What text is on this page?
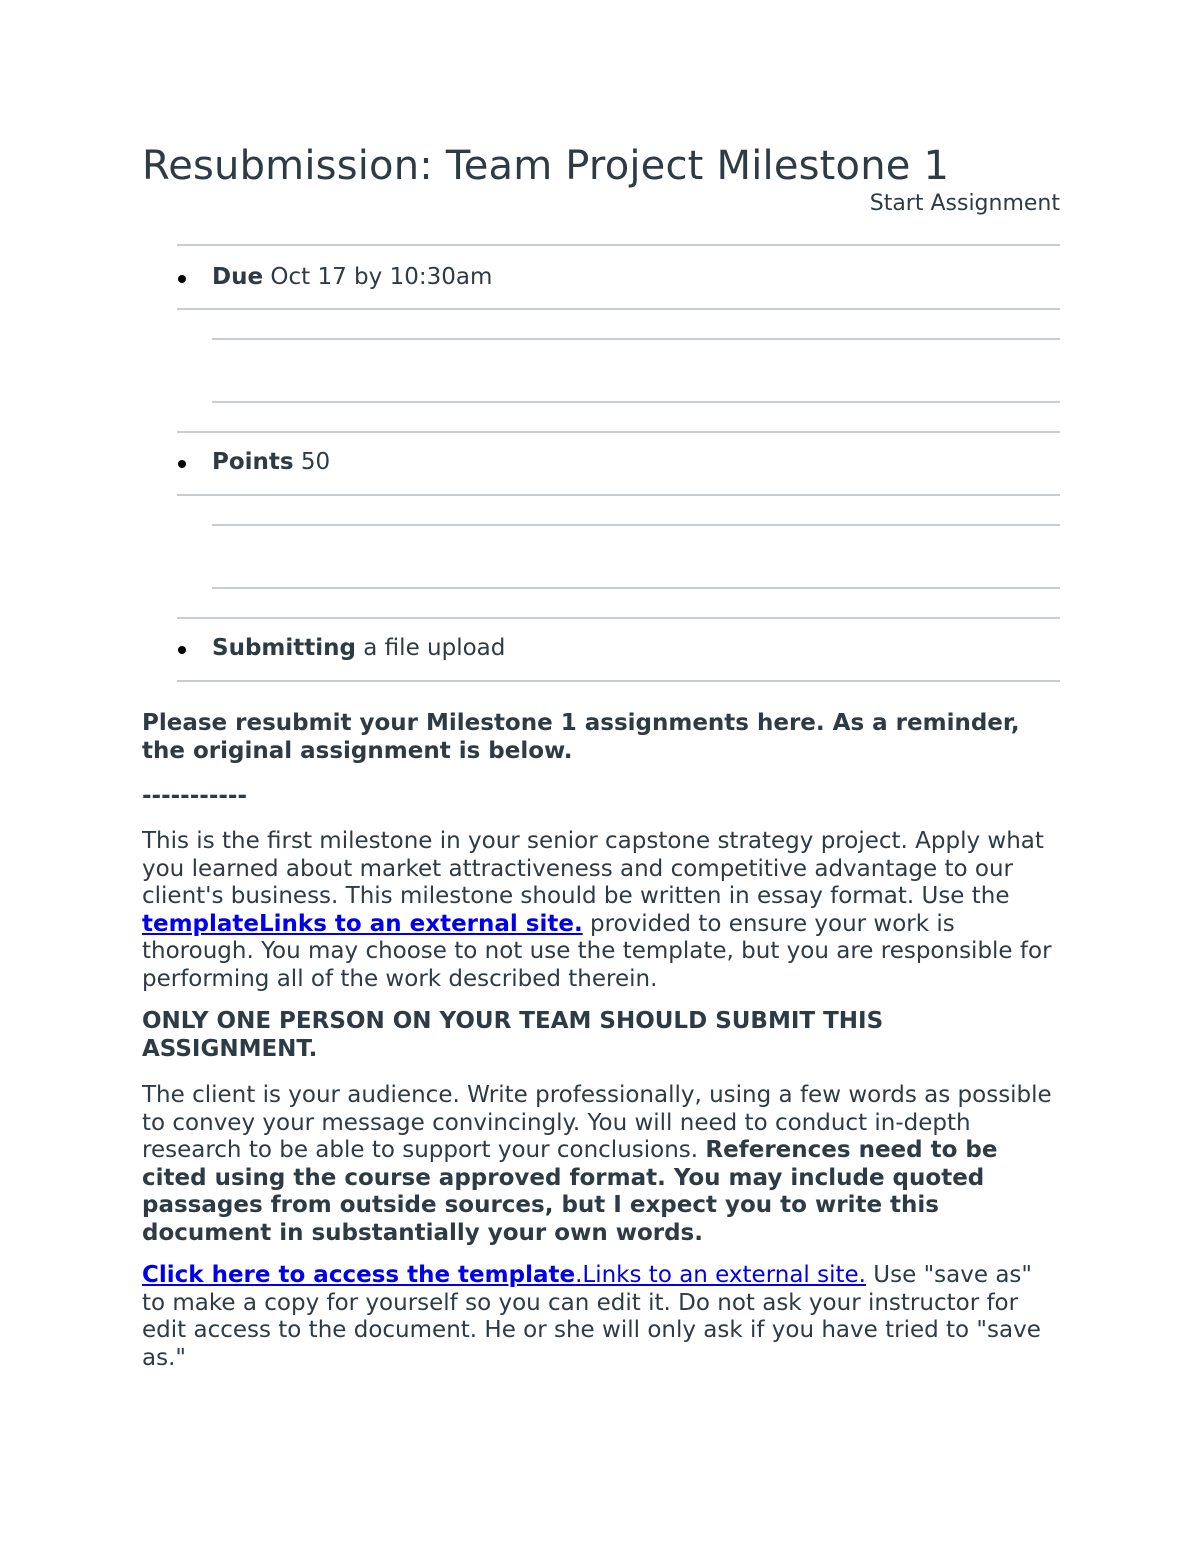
Resubmission: Team Project Milestone 1
Start Assignment
Due Oct 17 by 10:30am
Points 50
Submitting a file upload

Please resubmit your Milestone 1 assignments here. As a reminder, the original assignment is below.

-----------

This is the first milestone in your senior capstone strategy project. Apply what you learned about market attractiveness and competitive advantage to our client's business. This milestone should be written in essay format. Use the templateLinks to an external site. provided to ensure your work is thorough. You may choose to not use the template, but you are responsible for performing all of the work described therein.

ONLY ONE PERSON ON YOUR TEAM SHOULD SUBMIT THIS ASSIGNMENT.

The client is your audience. Write professionally, using a few words as possible to convey your message convincingly. You will need to conduct in-depth research to be able to support your conclusions. References need to be cited using the course approved format. You may include quoted passages from outside sources, but I expect you to write this document in substantially your own words.

Click here to access the template.Links to an external site. Use "save as" to make a copy for yourself so you can edit it. Do not ask your instructor for edit access to the document. He or she will only ask if you have tried to "save as."
